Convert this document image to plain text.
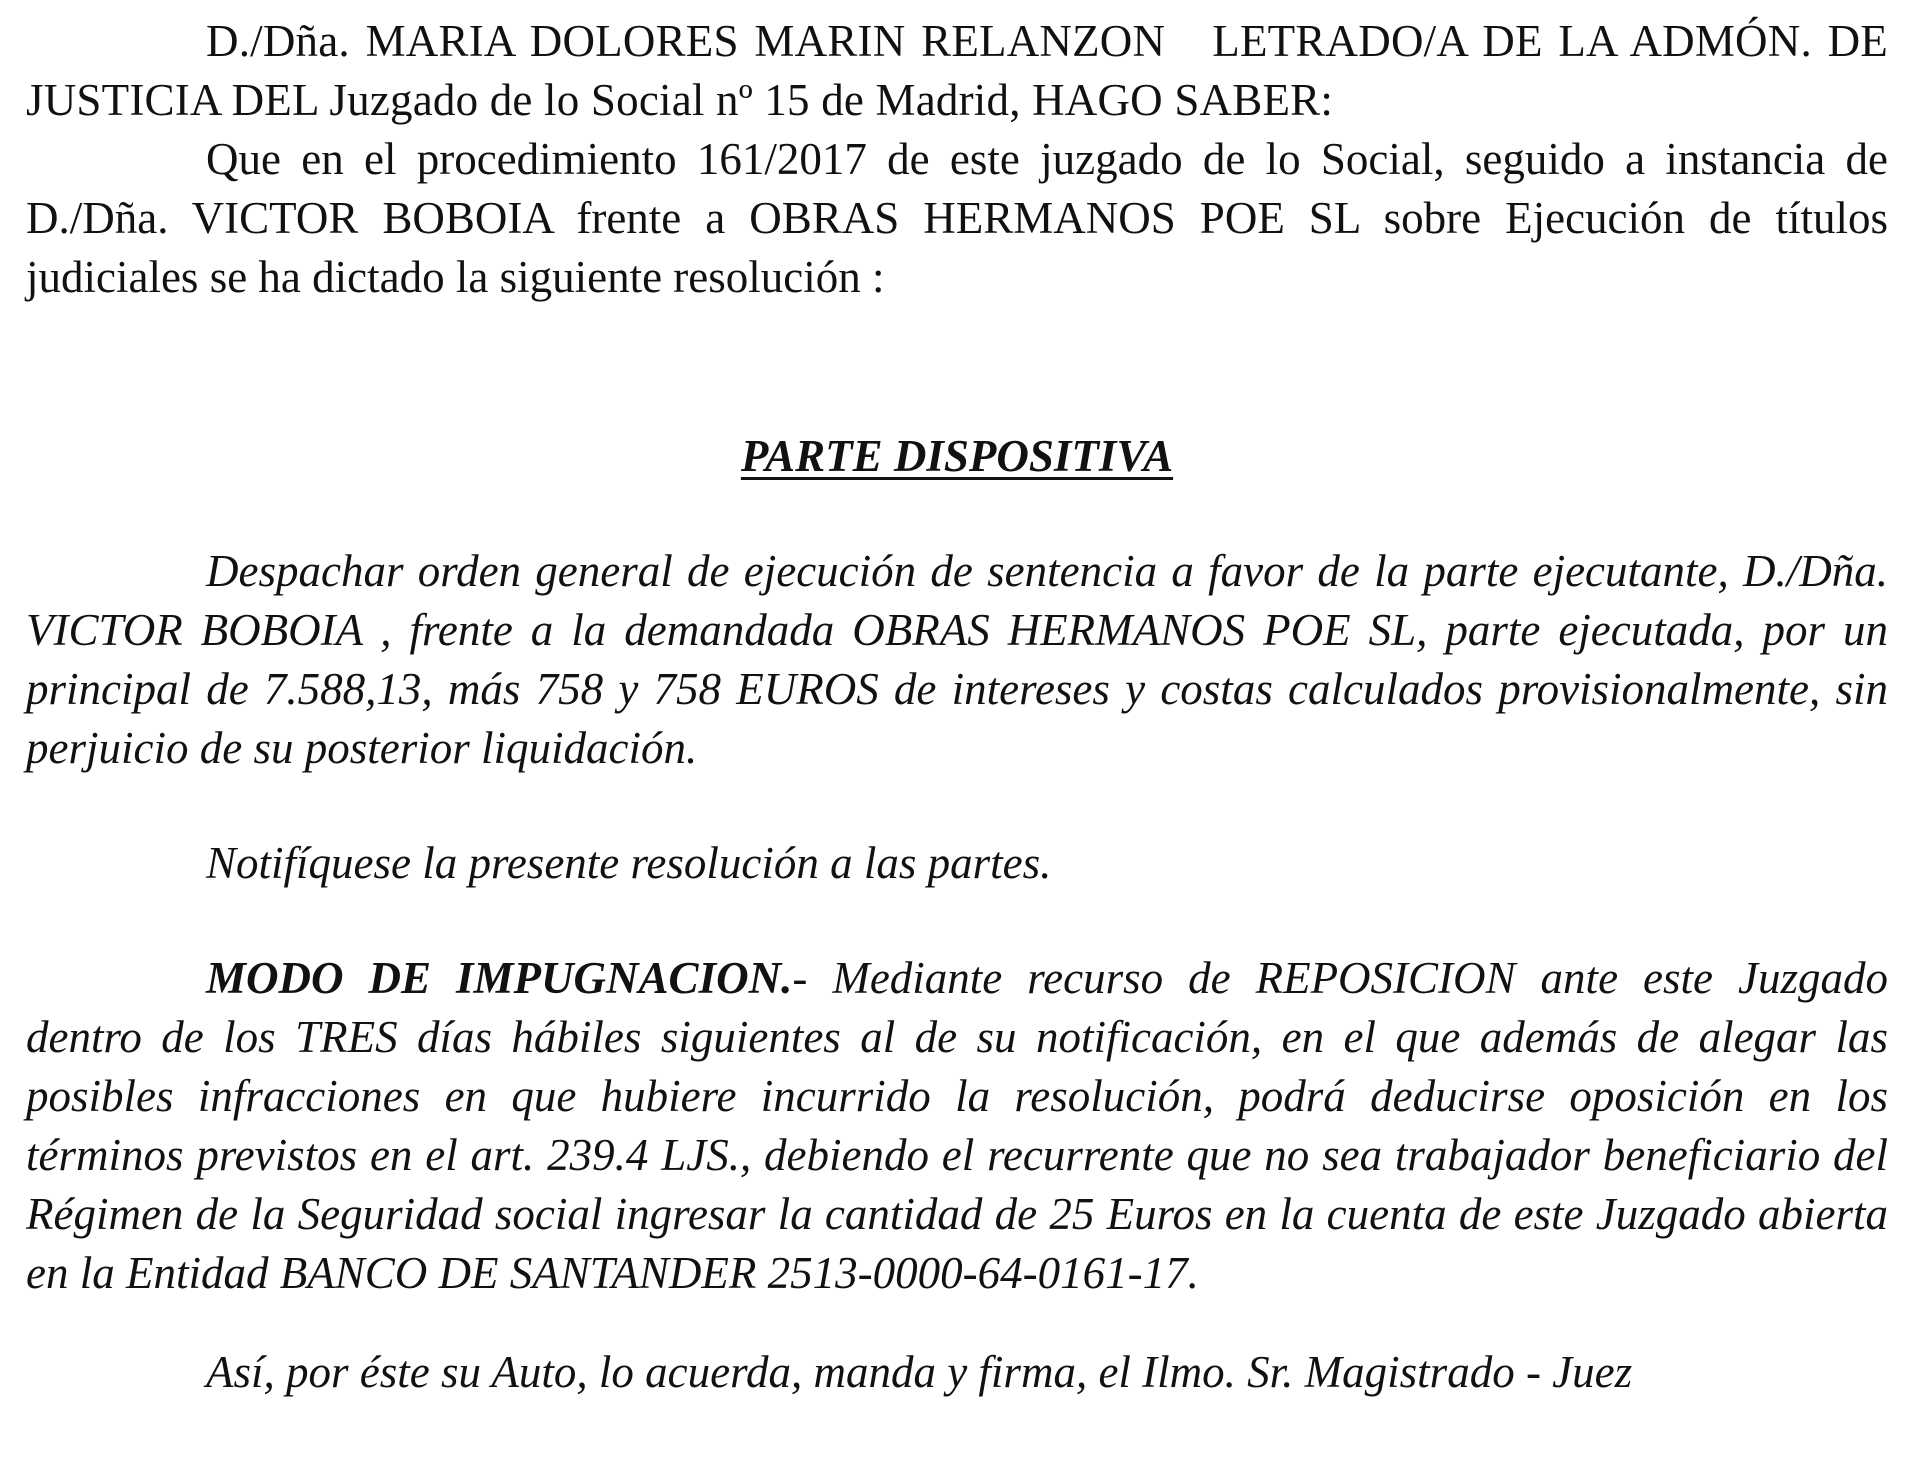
D./Dña. MARIA DOLORES MARIN RELANZON LETRADO/A DE LA ADMÓN. DE JUSTICIA DEL Juzgado de lo Social nº 15 de Madrid, HAGO SABER:

Que en el procedimiento 161/2017 de este juzgado de lo Social, seguido a instancia de D./Dña. VICTOR BOBOIA frente a OBRAS HERMANOS POE SL sobre Ejecución de títulos judiciales se ha dictado la siguiente resolución :

PARTE DISPOSITIVA

Despachar orden general de ejecución de sentencia a favor de la parte ejecutante, D./Dña. VICTOR BOBOIA , frente a la demandada OBRAS HERMANOS POE SL, parte ejecutada, por un principal de 7.588,13, más 758 y 758 EUROS de intereses y costas calculados provisionalmente, sin perjuicio de su posterior liquidación.

Notifíquese la presente resolución a las partes.

MODO DE IMPUGNACION.- Mediante recurso de REPOSICION ante este Juzgado dentro de los TRES días hábiles siguientes al de su notificación, en el que además de alegar las posibles infracciones en que hubiere incurrido la resolución, podrá deducirse oposición en los términos previstos en el art. 239.4 LJS., debiendo el recurrente que no sea trabajador beneficiario del Régimen de la Seguridad social ingresar la cantidad de 25 Euros en la cuenta de este Juzgado abierta en la Entidad BANCO DE SANTANDER 2513-0000-64-0161-17.

Así, por éste su Auto, lo acuerda, manda y firma, el Ilmo. Sr. Magistrado - Juez
